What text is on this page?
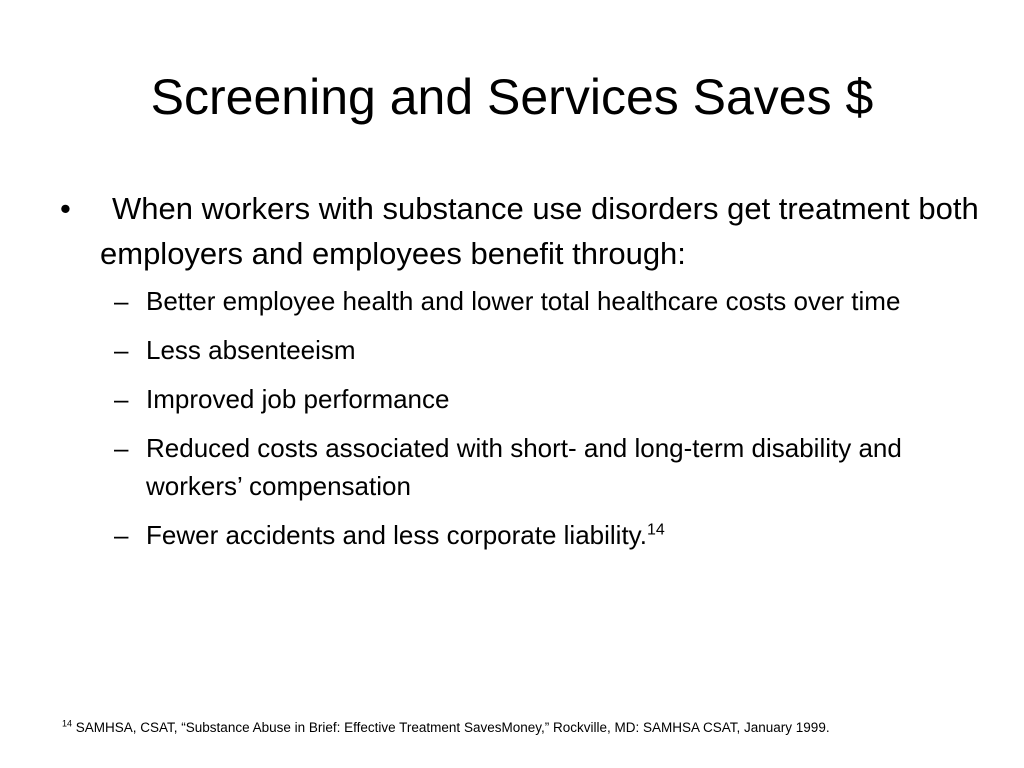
Screening and Services Saves $
• When workers with substance use disorders get treatment both employers and employees benefit through:
– Better employee health and lower total healthcare costs over time
– Less absenteeism
– Improved job performance
– Reduced costs associated with short- and long-term disability and workers’ compensation
– Fewer accidents and less corporate liability.$^{14}$
$^{14}$ SAMHSA, CSAT, “Substance Abuse in Brief: Effective Treatment SavesMoney,” Rockville, MD: SAMHSA CSAT, January 1999.
